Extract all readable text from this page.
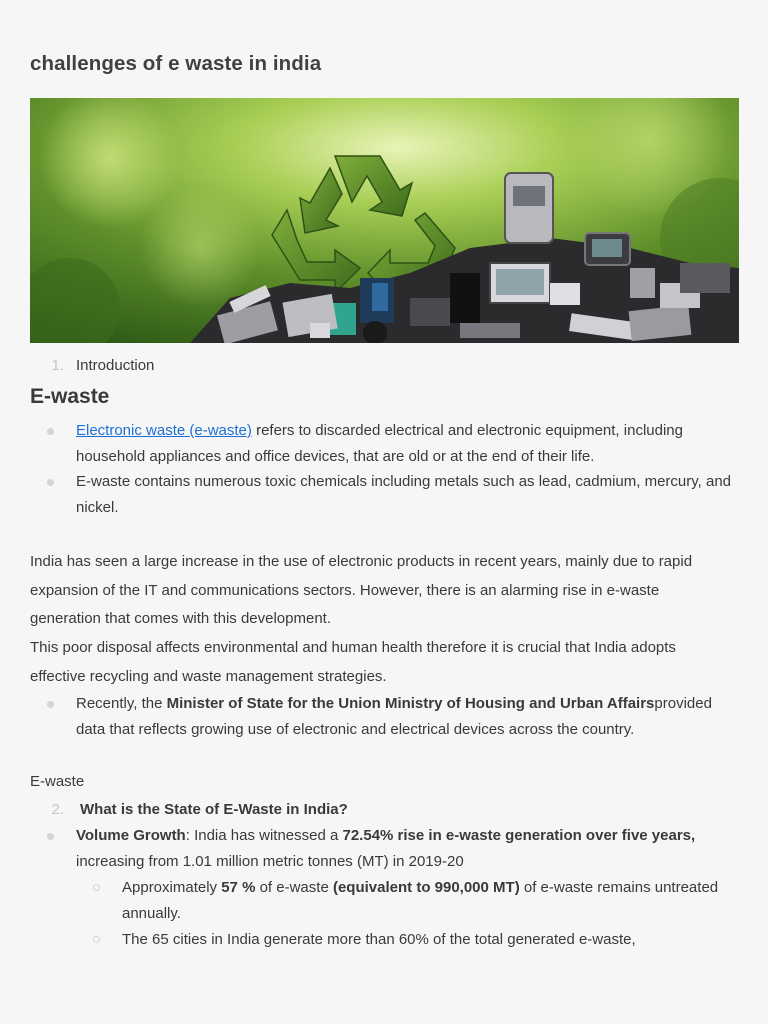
challenges of e waste in india
1. Introduction
E-waste
Electronic waste (e-waste) refers to discarded electrical and electronic equipment, including household appliances and office devices, that are old or at the end of their life.
E-waste contains numerous toxic chemicals including metals such as lead, cadmium, mercury, and nickel.
India has seen a large increase in the use of electronic products in recent years, mainly due to rapid expansion of the IT and communications sectors. However, there is an alarming rise in e-waste generation that comes with this development.
This poor disposal affects environmental and human health therefore it is crucial that India adopts effective recycling and waste management strategies.
Recently, the Minister of State for the Union Ministry of Housing and Urban Affairsprovided data that reflects growing use of electronic and electrical devices across the country.
E-waste
2. What is the State of E-Waste in India?
Volume Growth: India has witnessed a 72.54% rise in e-waste generation over five years, increasing from 1.01 million metric tonnes (MT) in 2019-20
Approximately 57 % of e-waste (equivalent to 990,000 MT) of e-waste remains untreated annually.
The 65 cities in India generate more than 60% of the total generated e-waste,
